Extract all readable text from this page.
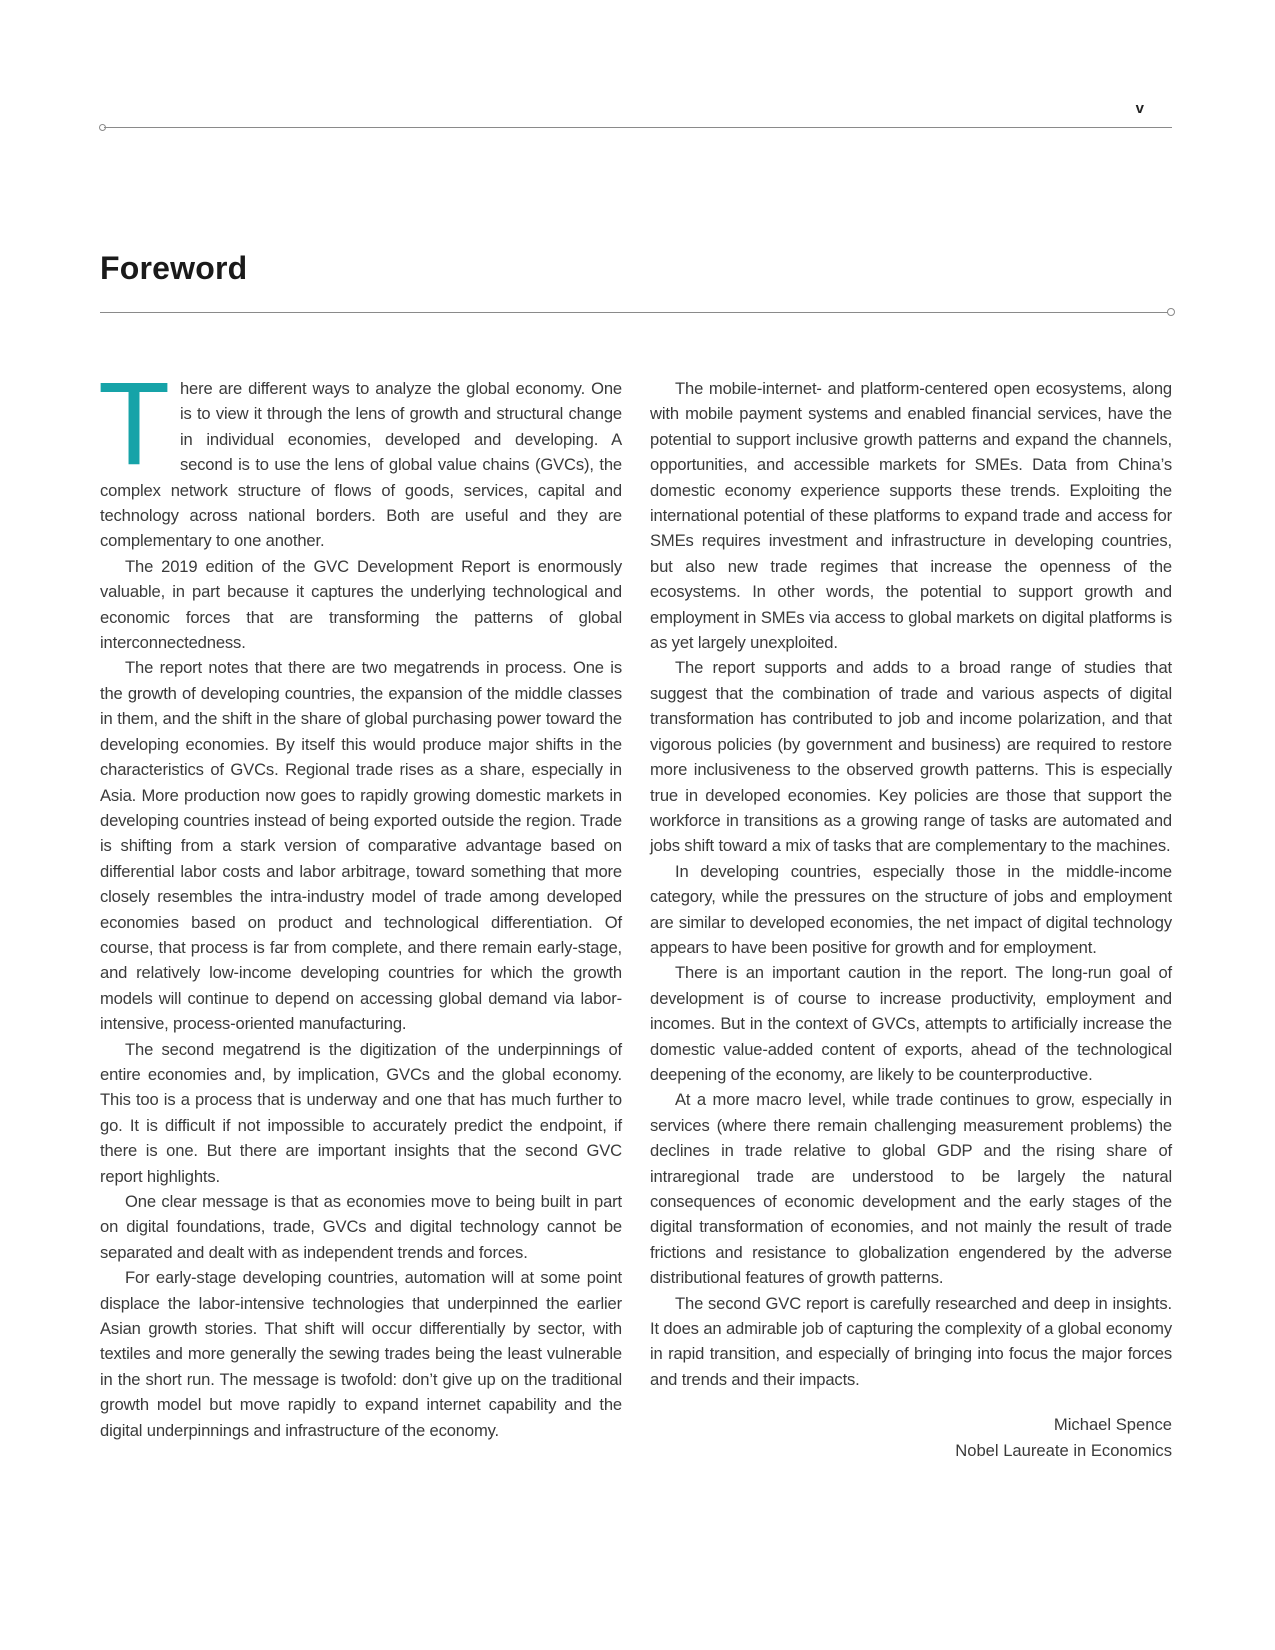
v
Foreword

There are different ways to analyze the global economy. One is to view it through the lens of growth and structural change in individual economies, developed and developing. A second is to use the lens of global value chains (GVCs), the complex network structure of flows of goods, services, capital and technology across national borders. Both are useful and they are complementary to one another.

The 2019 edition of the GVC Development Report is enormously valuable, in part because it captures the underlying technological and economic forces that are transforming the patterns of global interconnectedness.

The report notes that there are two megatrends in process. One is the growth of developing countries, the expansion of the middle classes in them, and the shift in the share of global purchasing power toward the developing economies. By itself this would produce major shifts in the characteristics of GVCs. Regional trade rises as a share, especially in Asia. More production now goes to rapidly growing domestic markets in developing countries instead of being exported outside the region. Trade is shifting from a stark version of comparative advantage based on differential labor costs and labor arbitrage, toward something that more closely resembles the intra-industry model of trade among developed economies based on product and technological differentiation. Of course, that process is far from complete, and there remain early-stage, and relatively low-income developing countries for which the growth models will continue to depend on accessing global demand via labor-intensive, process-oriented manufacturing.

The second megatrend is the digitization of the underpinnings of entire economies and, by implication, GVCs and the global economy. This too is a process that is underway and one that has much further to go. It is difficult if not impossible to accurately predict the endpoint, if there is one. But there are important insights that the second GVC report highlights.

One clear message is that as economies move to being built in part on digital foundations, trade, GVCs and digital technology cannot be separated and dealt with as independent trends and forces.

For early-stage developing countries, automation will at some point displace the labor-intensive technologies that underpinned the earlier Asian growth stories. That shift will occur differentially by sector, with textiles and more generally the sewing trades being the least vulnerable in the short run. The message is twofold: don’t give up on the traditional growth model but move rapidly to expand internet capability and the digital underpinnings and infrastructure of the economy.

The mobile-internet- and platform-centered open ecosystems, along with mobile payment systems and enabled financial services, have the potential to support inclusive growth patterns and expand the channels, opportunities, and accessible markets for SMEs. Data from China’s domestic economy experience supports these trends. Exploiting the international potential of these platforms to expand trade and access for SMEs requires investment and infrastructure in developing countries, but also new trade regimes that increase the openness of the ecosystems. In other words, the potential to support growth and employment in SMEs via access to global markets on digital platforms is as yet largely unexploited.

The report supports and adds to a broad range of studies that suggest that the combination of trade and various aspects of digital transformation has contributed to job and income polarization, and that vigorous policies (by government and business) are required to restore more inclusiveness to the observed growth patterns. This is especially true in developed economies. Key policies are those that support the workforce in transitions as a growing range of tasks are automated and jobs shift toward a mix of tasks that are complementary to the machines.

In developing countries, especially those in the middle-income category, while the pressures on the structure of jobs and employment are similar to developed economies, the net impact of digital technology appears to have been positive for growth and for employment.

There is an important caution in the report. The long-run goal of development is of course to increase productivity, employment and incomes. But in the context of GVCs, attempts to artificially increase the domestic value-added content of exports, ahead of the technological deepening of the economy, are likely to be counterproductive.

At a more macro level, while trade continues to grow, especially in services (where there remain challenging measurement problems) the declines in trade relative to global GDP and the rising share of intraregional trade are understood to be largely the natural consequences of economic development and the early stages of the digital transformation of economies, and not mainly the result of trade frictions and resistance to globalization engendered by the adverse distributional features of growth patterns.

The second GVC report is carefully researched and deep in insights. It does an admirable job of capturing the complexity of a global economy in rapid transition, and especially of bringing into focus the major forces and trends and their impacts.

Michael Spence
Nobel Laureate in Economics
